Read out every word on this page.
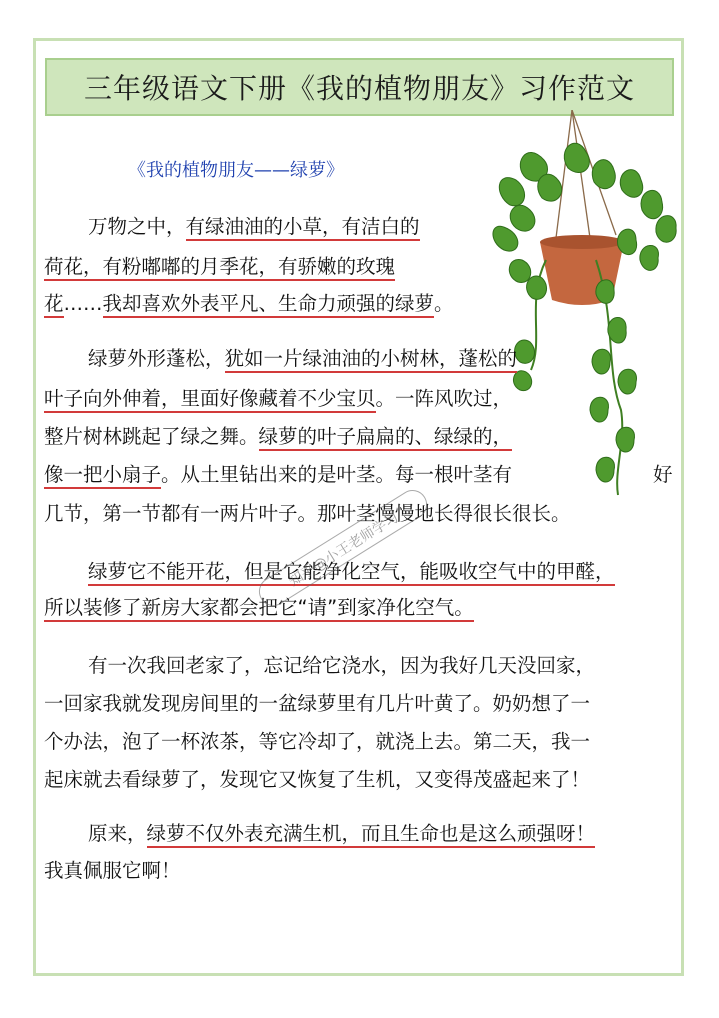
三年级语文下册《我的植物朋友》习作范文
《我的植物朋友——绿萝》
万物之中，有绿油油的小草，有洁白的
荷花，有粉嘟嘟的月季花，有骄嫩的玫瑰
花……我却喜欢外表平凡、生命力顽强的绿萝。
绿萝外形蓬松，犹如一片绿油油的小树林，蓬松的
叶子向外伸着，里面好像藏着不少宝贝。一阵风吹过，
整片树林跳起了绿之舞。绿萝的叶子扁扁的、绿绿的，
像一把小扇子。从土里钻出来的是叶茎。每一根叶茎有	好
几节，第一节都有一两片叶子。那叶茎慢慢地长得很长很长。
绿萝它不能开花，但是它能净化空气，能吸收空气中的甲醛，
所以装修了新房大家都会把它“请”到家净化空气。
有一次我回老家了，忘记给它浇水，因为我好几天没回家，
一回家我就发现房间里的一盆绿萝里有几片叶黄了。奶奶想了一
个办法，泡了一杯浓茶，等它冷却了，就浇上去。第二天，我一
起床就去看绿萝了，发现它又恢复了生机，又变得茂盛起来了！
原来，绿萝不仅外表充满生机，而且生命也是这么顽强呀！
我真佩服它啊！
知乎@小王老师学习
